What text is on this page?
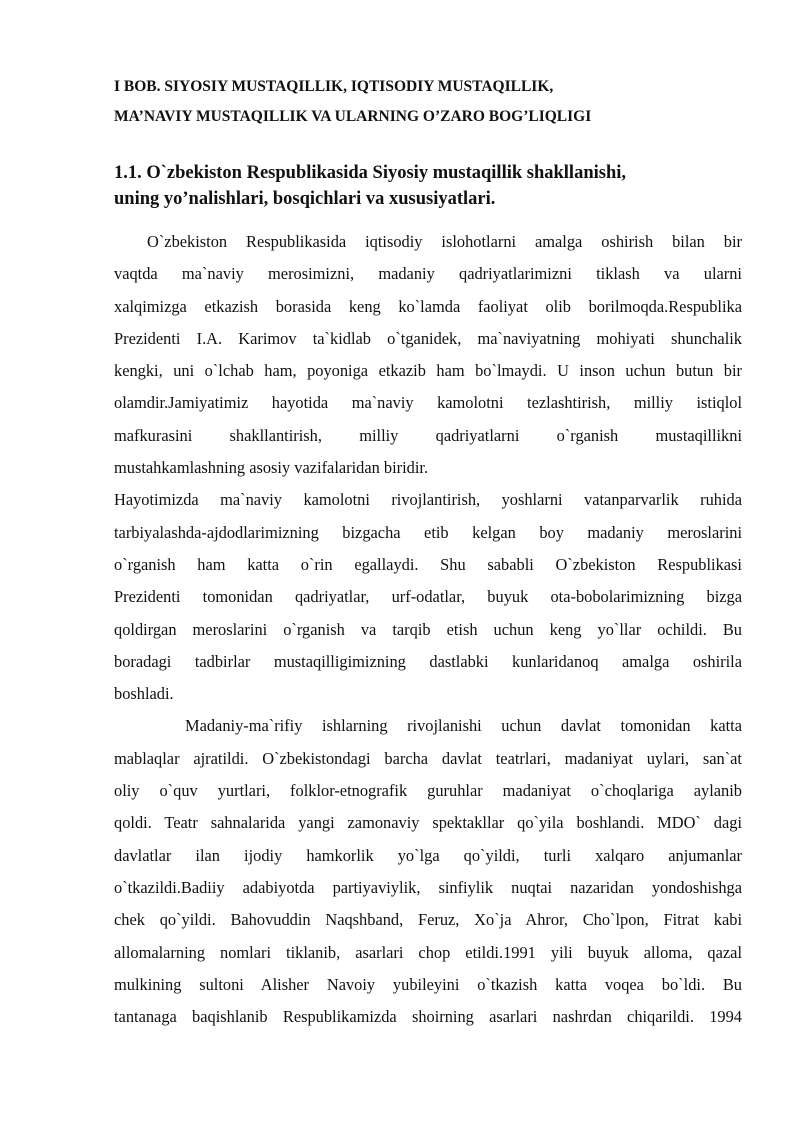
I BOB. SIYOSIY MUSTAQILLIK, IQTISODIY MUSTAQILLIK,
MA’NAVIY MUSTAQILLIK VA ULARNING O’ZARO BOG’LIQLIGI
1.1. O`zbekiston Respublikasida Siyosiy mustaqillik shakllanishi,
uning yo’nalishlari, bosqichlari va xususiyatlari.
O`zbekiston Respublikasida iqtisodiy islohotlarni amalga oshirish bilan bir
vaqtda ma`naviy merosimizni, madaniy qadriyatlarimizni tiklash va ularni
xalqimizga etkazish borasida keng ko`lamda faoliyat olib borilmoqda.Respublika
Prezidenti I.A. Karimov ta`kidlab o`tganidek, ma`naviyatning mohiyati shunchalik
kengki, uni o`lchab ham, poyoniga etkazib ham bo`lmaydi. U inson uchun butun bir
olamdir.Jamiyatimiz hayotida ma`naviy kamolotni tezlashtirish, milliy istiqlol
mafkurasini shakllantirish, milliy qadriyatlarni o`rganish mustaqillikni
mustahkamlashning asosiy vazifalaridan biridir.
Hayotimizda ma`naviy kamolotni rivojlantirish, yoshlarni vatanparvarlik ruhida
tarbiyalashda-ajdodlarimizning bizgacha etib kelgan boy madaniy meroslarini
o`rganish ham katta o`rin egallaydi. Shu sababli O`zbekiston Respublikasi
Prezidenti tomonidan qadriyatlar, urf-odatlar, buyuk ota-bobolarimizning bizga
qoldirgan meroslarini o`rganish va tarqib etish uchun keng yo`llar ochildi. Bu
boradagi tadbirlar mustaqilligimizning dastlabki kunlaridanoq amalga oshirila
boshladi.
Madaniy-ma`rifiy ishlarning rivojlanishi uchun davlat tomonidan katta
mablaqlar ajratildi. O`zbekistondagi barcha davlat teatrlari, madaniyat uylari, san`at
oliy o`quv yurtlari, folklor-etnografik guruhlar madaniyat o`choqlariga aylanib
qoldi. Teatr sahnalarida yangi zamonaviy spektakllar qo`yila boshlandi. MDO` dagi
davlatlar ilan ijodiy hamkorlik yo`lga qo`yildi, turli xalqaro anjumanlar
o`tkazildi.Badiiy adabiyotda partiyaviylik, sinfiylik nuqtai nazaridan yondoshishga
chek qo`yildi. Bahovuddin Naqshband, Feruz, Xo`ja Ahror, Cho`lpon, Fitrat kabi
allomalarning nomlari tiklanib, asarlari chop etildi.1991 yili buyuk alloma, qazal
mulkining sultoni Alisher Navoiy yubileyini o`tkazish katta voqea bo`ldi. Bu
tantanaga baqishlanib Respublikamizda shoirning asarlari nashrdan chiqarildi. 1994
